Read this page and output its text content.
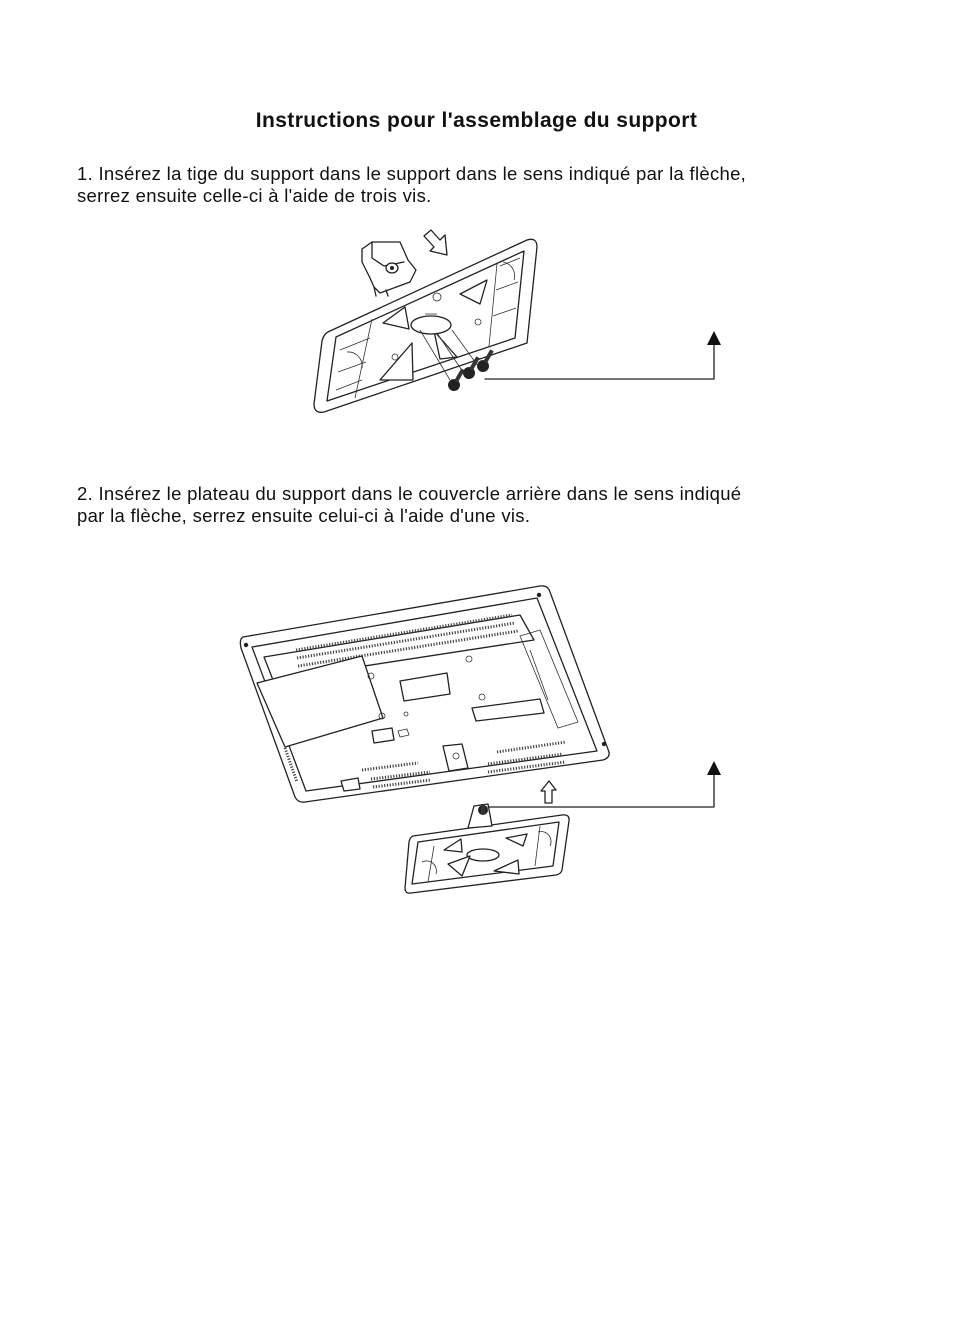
Instructions pour l'assemblage du support

1. Insérez la tige du support dans le support dans le sens indiqué par la flèche,
serrez ensuite celle-ci à l'aide de trois vis.

2. Insérez le plateau du support dans le couvercle arrière dans le sens indiqué
par la flèche, serrez ensuite celui-ci à l'aide d'une vis.
